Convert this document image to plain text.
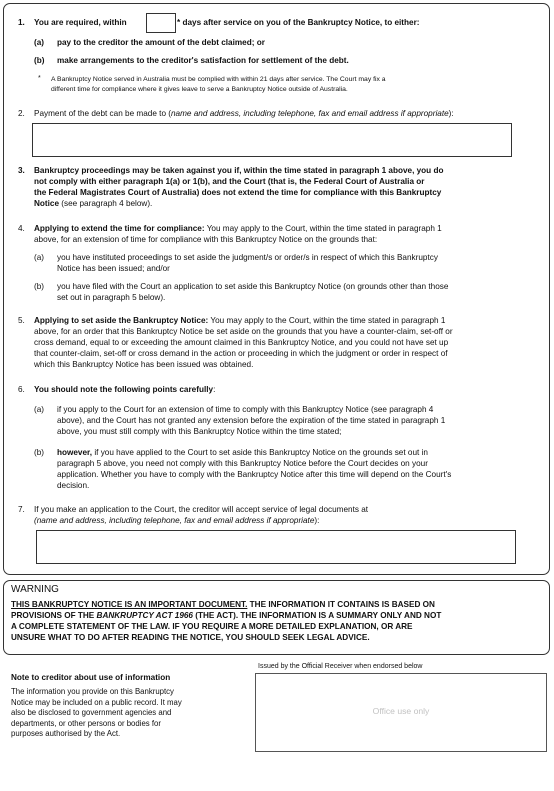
1. You are required, within	* days after service on you of the Bankruptcy Notice, to either:
(a) pay to the creditor the amount of the debt claimed; or
(b) make arrangements to the creditor's satisfaction for settlement of the debt.
* A Bankruptcy Notice served in Australia must be complied with within 21 days after service. The Court may fix a
different time for compliance where it gives leave to serve a Bankruptcy Notice outside of Australia.
2. Payment of the debt can be made to (name and address, including telephone, fax and email address if appropriate):
3. Bankruptcy proceedings may be taken against you if, within the time stated in paragraph 1 above, you do
not comply with either paragraph 1(a) or 1(b), and the Court (that is, the Federal Court of Australia or
the Federal Magistrates Court of Australia) does not extend the time for compliance with this Bankruptcy
Notice (see paragraph 4 below).
4. Applying to extend the time for compliance: You may apply to the Court, within the time stated in paragraph 1
above, for an extension of time for compliance with this Bankruptcy Notice on the grounds that:
(a) you have instituted proceedings to set aside the judgment/s or order/s in respect of which this Bankruptcy
Notice has been issued; and/or
(b) you have filed with the Court an application to set aside this Bankruptcy Notice (on grounds other than those
set out in paragraph 5 below).
5. Applying to set aside the Bankruptcy Notice: You may apply to the Court, within the time stated in paragraph 1
above, for an order that this Bankruptcy Notice be set aside on the grounds that you have a counter-claim, set-off or
cross demand, equal to or exceeding the amount claimed in this Bankruptcy Notice, and you could not have set up
that counter-claim, set-off or cross demand in the action or proceeding in which the judgment or order in respect of
which this Bankruptcy Notice has been issued was obtained.
6. You should note the following points carefully:
(a) if you apply to the Court for an extension of time to comply with this Bankruptcy Notice (see paragraph 4
above), and the Court has not granted any extension before the expiration of the time stated in paragraph 1
above, you must still comply with this Bankruptcy Notice within the time stated;
(b) however, if you have applied to the Court to set aside this Bankruptcy Notice on the grounds set out in
paragraph 5 above, you need not comply with this Bankruptcy Notice before the Court decides on your
application. Whether you have to comply with the Bankruptcy Notice after this time will depend on the Court's
decision.
7. If you make an application to the Court, the creditor will accept service of legal documents at
(name and address, including telephone, fax and email address if appropriate):
WARNING
THIS BANKRUPTCY NOTICE IS AN IMPORTANT DOCUMENT. THE INFORMATION IT CONTAINS IS BASED ON
PROVISIONS OF THE BANKRUPTCY ACT 1966 (THE ACT). THE INFORMATION IS A SUMMARY ONLY AND NOT
A COMPLETE STATEMENT OF THE LAW. IF YOU REQUIRE A MORE DETAILED EXPLANATION, OR ARE
UNSURE WHAT TO DO AFTER READING THE NOTICE, YOU SHOULD SEEK LEGAL ADVICE.
Note to creditor about use of information
The information you provide on this Bankruptcy
Notice may be included on a public record. It may
also be disclosed to government agencies and
departments, or other persons or bodies for
purposes authorised by the Act.
Issued by the Official Receiver when endorsed below
Office use only
